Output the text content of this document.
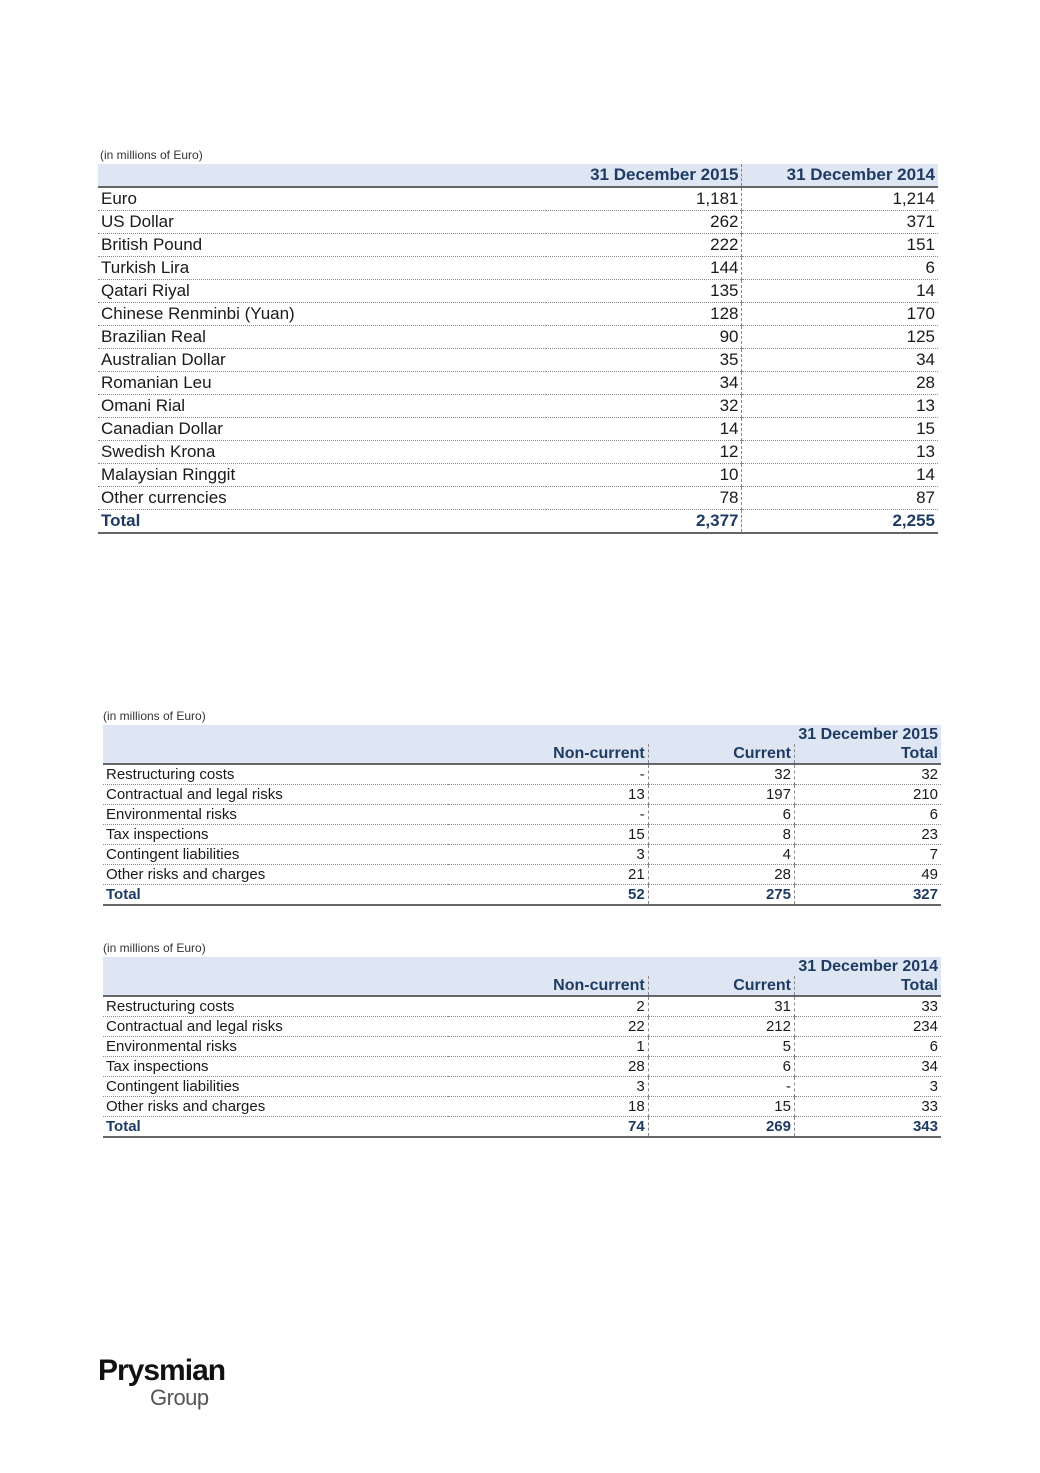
(in millions of Euro)
	31 December 2015	31 December 2014
Euro	1,181	1,214
US Dollar	262	371
British Pound	222	151
Turkish Lira	144	6
Qatari Riyal	135	14
Chinese Renminbi (Yuan)	128	170
Brazilian Real	90	125
Australian Dollar	35	34
Romanian Leu	34	28
Omani Rial	32	13
Canadian Dollar	14	15
Swedish Krona	12	13
Malaysian Ringgit	10	14
Other currencies	78	87
Total	2,377	2,255
(in millions of Euro)
			31 December 2015
	Non-current	Current	Total
Restructuring costs	-	32	32
Contractual and legal risks	13	197	210
Environmental risks	-	6	6
Tax inspections	15	8	23
Contingent liabilities	3	4	7
Other risks and charges	21	28	49
Total	52	275	327
(in millions of Euro)
			31 December 2014
	Non-current	Current	Total
Restructuring costs	2	31	33
Contractual and legal risks	22	212	234
Environmental risks	1	5	6
Tax inspections	28	6	34
Contingent liabilities	3	-	3
Other risks and charges	18	15	33
Total	74	269	343
Prysmian
Group
